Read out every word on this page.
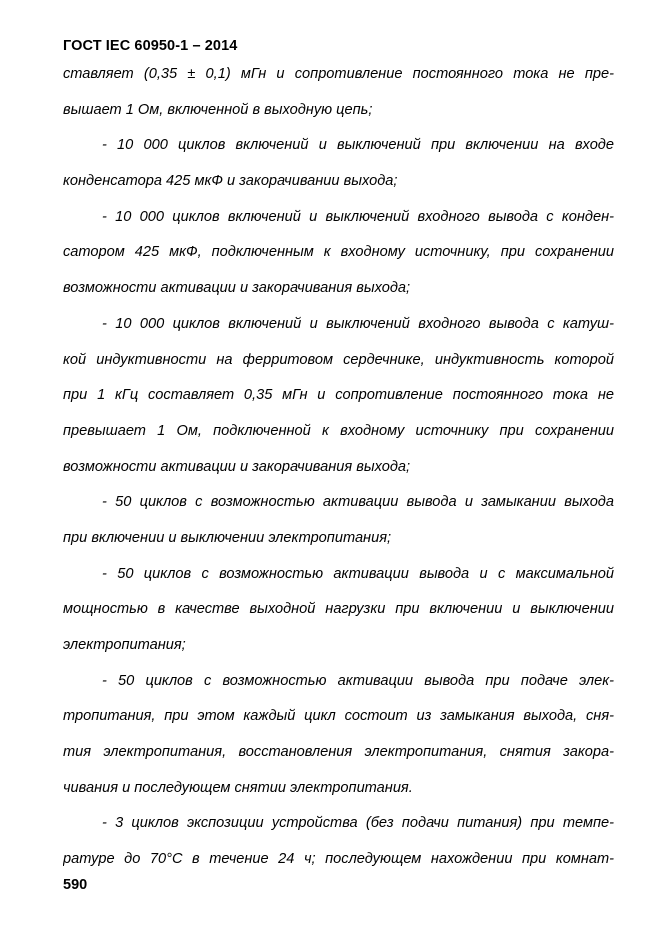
ГОСТ IEC 60950-1 – 2014
ставляет (0,35 ± 0,1) мГн и сопротивление постоянного тока не пре-
вышает 1 Ом, включенной в выходную цепь;
- 10 000 циклов включений и выключений при включении на входе
конденсатора 425 мкФ и закорачивании выхода;
- 10 000 циклов включений и выключений входного вывода с конден-
сатором 425 мкФ, подключенным к входному источнику, при сохранении
возможности активации и закорачивания выхода;
- 10 000 циклов включений и выключений входного вывода с катуш-
кой индуктивности на ферритовом сердечнике, индуктивность которой
при 1 кГц составляет 0,35 мГн и сопротивление постоянного тока не
превышает 1 Ом, подключенной к входному источнику при сохранении
возможности активации и закорачивания выхода;
- 50 циклов с возможностью активации вывода и замыкании выхода
при включении и выключении электропитания;
- 50 циклов с возможностью активации вывода и с максимальной
мощностью в качестве выходной нагрузки при включении и выключении
электропитания;
- 50 циклов с возможностью активации вывода при подаче элек-
тропитания, при этом каждый цикл состоит из замыкания выхода, сня-
тия электропитания, восстановления электропитания, снятия закора-
чивания и последующем снятии электропитания.
- 3 циклов экспозиции устройства (без подачи питания) при темпе-
ратуре до 70°С в течение 24 ч; последующем нахождении при комнат-
590
